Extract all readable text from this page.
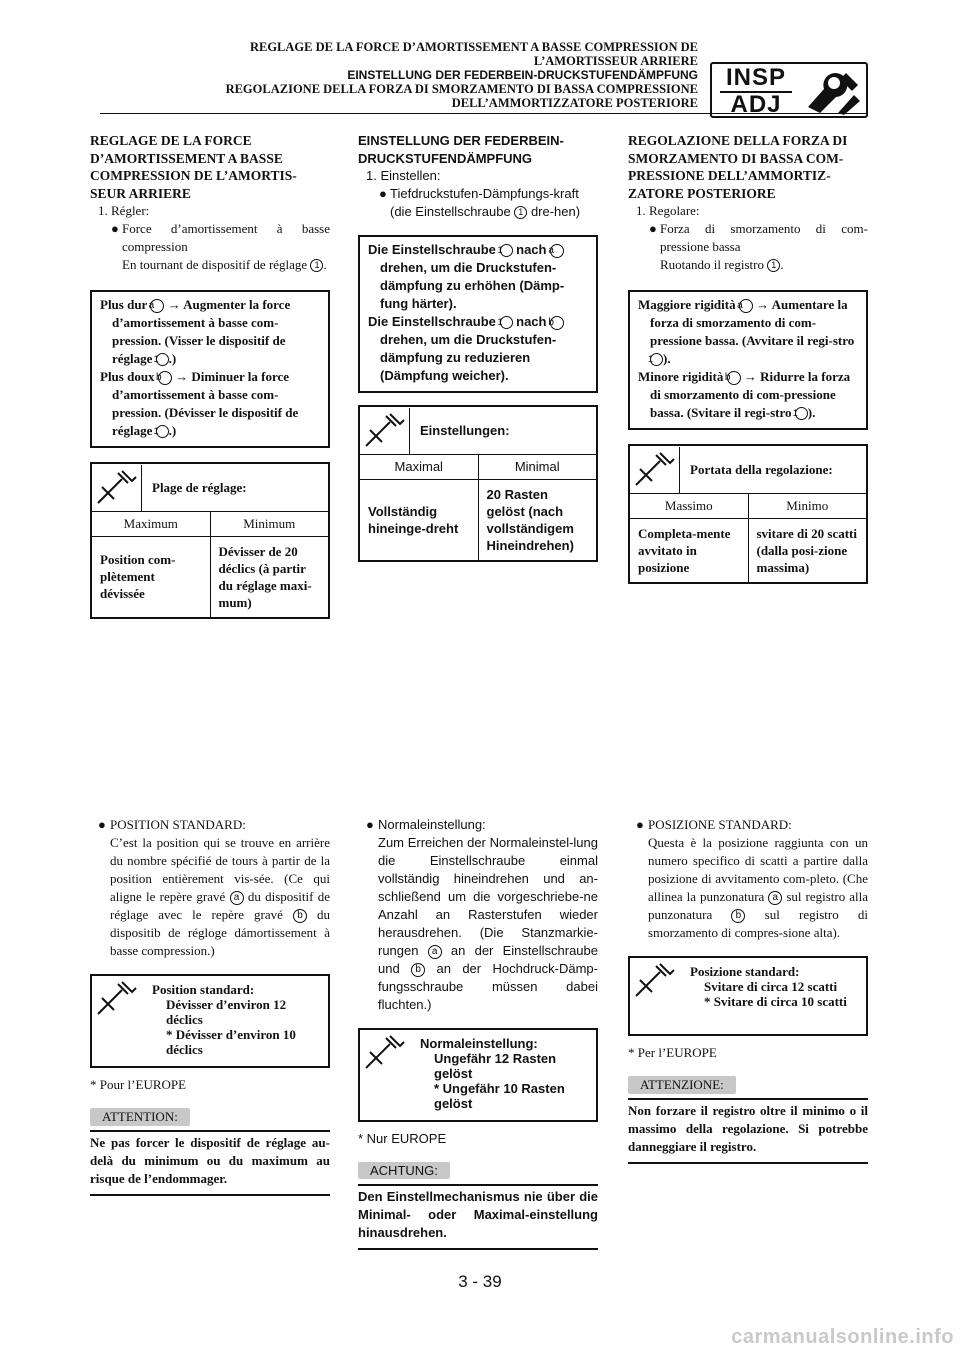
REGLAGE DE LA FORCE D’AMORTISSEMENT A BASSE COMPRESSION DE
L’AMORTISSEUR ARRIERE
EINSTELLUNG DER FEDERBEIN-DRUCKSTUFENDÄMPFUNG
REGOLAZIONE DELLA FORZA DI SMORZAMENTO DI BASSA COMPRESSIONE
DELL’AMMORTIZZATORE POSTERIORE
INSP
ADJ
REGLAGE DE LA FORCE D’AMORTISSEMENT A BASSE COMPRESSION DE L’AMORTIS-SEUR ARRIERE
1. Régler:
● Force d’amortissement à basse compression
En tournant de dispositif de réglage 1 .
Plus dur a → Augmenter la force d’amortissement à basse com-pression. (Visser le dispositif de réglage 1 .)
Plus doux b → Diminuer la force d’amortissement à basse com-pression. (Dévisser le dispositif de réglage 1 .)
Plage de réglage:
Maximum	Minimum
Position com-plètement dévissée	Dévisser de 20 déclics (à partir du réglage maxi-mum)
EINSTELLUNG DER FEDERBEIN-DRUCKSTUFENDÄMPFUNG
1. Einstellen:
● Tiefdruckstufen-Dämpfungs-kraft
(die Einstellschraube 1 dre-hen)
Die Einstellschraube 1 nach a drehen, um die Druckstufen-dämpfung zu erhöhen (Dämp-fung härter).
Die Einstellschraube 1 nach b drehen, um die Druckstufen-dämpfung zu reduzieren (Dämpfung weicher).
Einstellungen:
Maximal	Minimal
Vollständig hineinge-dreht	20 Rasten gelöst (nach vollständigem Hineindrehen)
REGOLAZIONE DELLA FORZA DI SMORZAMENTO DI BASSA COM-PRESSIONE DELL’AMMORTIZ-ZATORE POSTERIORE
1. Regolare:
● Forza di smorzamento di com-pressione bassa
Ruotando il registro 1 .
Maggiore rigidità a → Aumentare la forza di smorzamento di com-pressione bassa. (Avvitare il regi-stro 1 ).
Minore rigidità b → Ridurre la forza di smorzamento di com-pressione bassa. (Svitare il regi-stro 1 ).
Portata della regolazione:
Massimo	Minimo
Completa-mente avvitato in posizione	svitare di 20 scatti (dalla posi-zione massima)
● POSITION STANDARD:
C’est la position qui se trouve en arrière du nombre spécifié de tours à partir de la position entièrement vis-sée. (Ce qui aligne le repère gravé a du dispositif de réglage avec le repère gravé b du dispositib de régloge dámortissement à basse compression.)
Position standard:
Dévisser d’environ 12 déclics
* Dévisser d’environ 10 déclics
* Pour l’EUROPE
ATTENTION:
Ne pas forcer le dispositif de réglage au-delà du minimum ou du maximum au risque de l’endommager.
● Normaleinstellung:
Zum Erreichen der Normaleinstel-lung die Einstellschraube einmal vollständig hineindrehen und an-schließend um die vorgeschriebe-ne Anzahl an Rasterstufen wieder herausdrehen. (Die Stanzmarkie-rungen a an der Einstellschraube und b an der Hochdruck-Dämp-fungsschraube müssen dabei fluchten.)
Normaleinstellung:
Ungefähr 12 Rasten gelöst
* Ungefähr 10 Rasten gelöst
* Nur EUROPE
ACHTUNG:
Den Einstellmechanismus nie über die Minimal- oder Maximal-einstellung hinausdrehen.
● POSIZIONE STANDARD:
Questa è la posizione raggiunta con un numero specifico di scatti a partire dalla posizione di avvitamento com-pleto. (Che allinea la punzonatura a sul registro alla punzonatura b sul registro di smorzamento di compres-sione alta).
Posizione standard:
Svitare di circa 12 scatti
* Svitare di circa 10 scatti
* Per l’EUROPE
ATTENZIONE:
Non forzare il registro oltre il minimo o il massimo della regolazione. Si potrebbe danneggiare il registro.
3 - 39
carmanualsonline.info
